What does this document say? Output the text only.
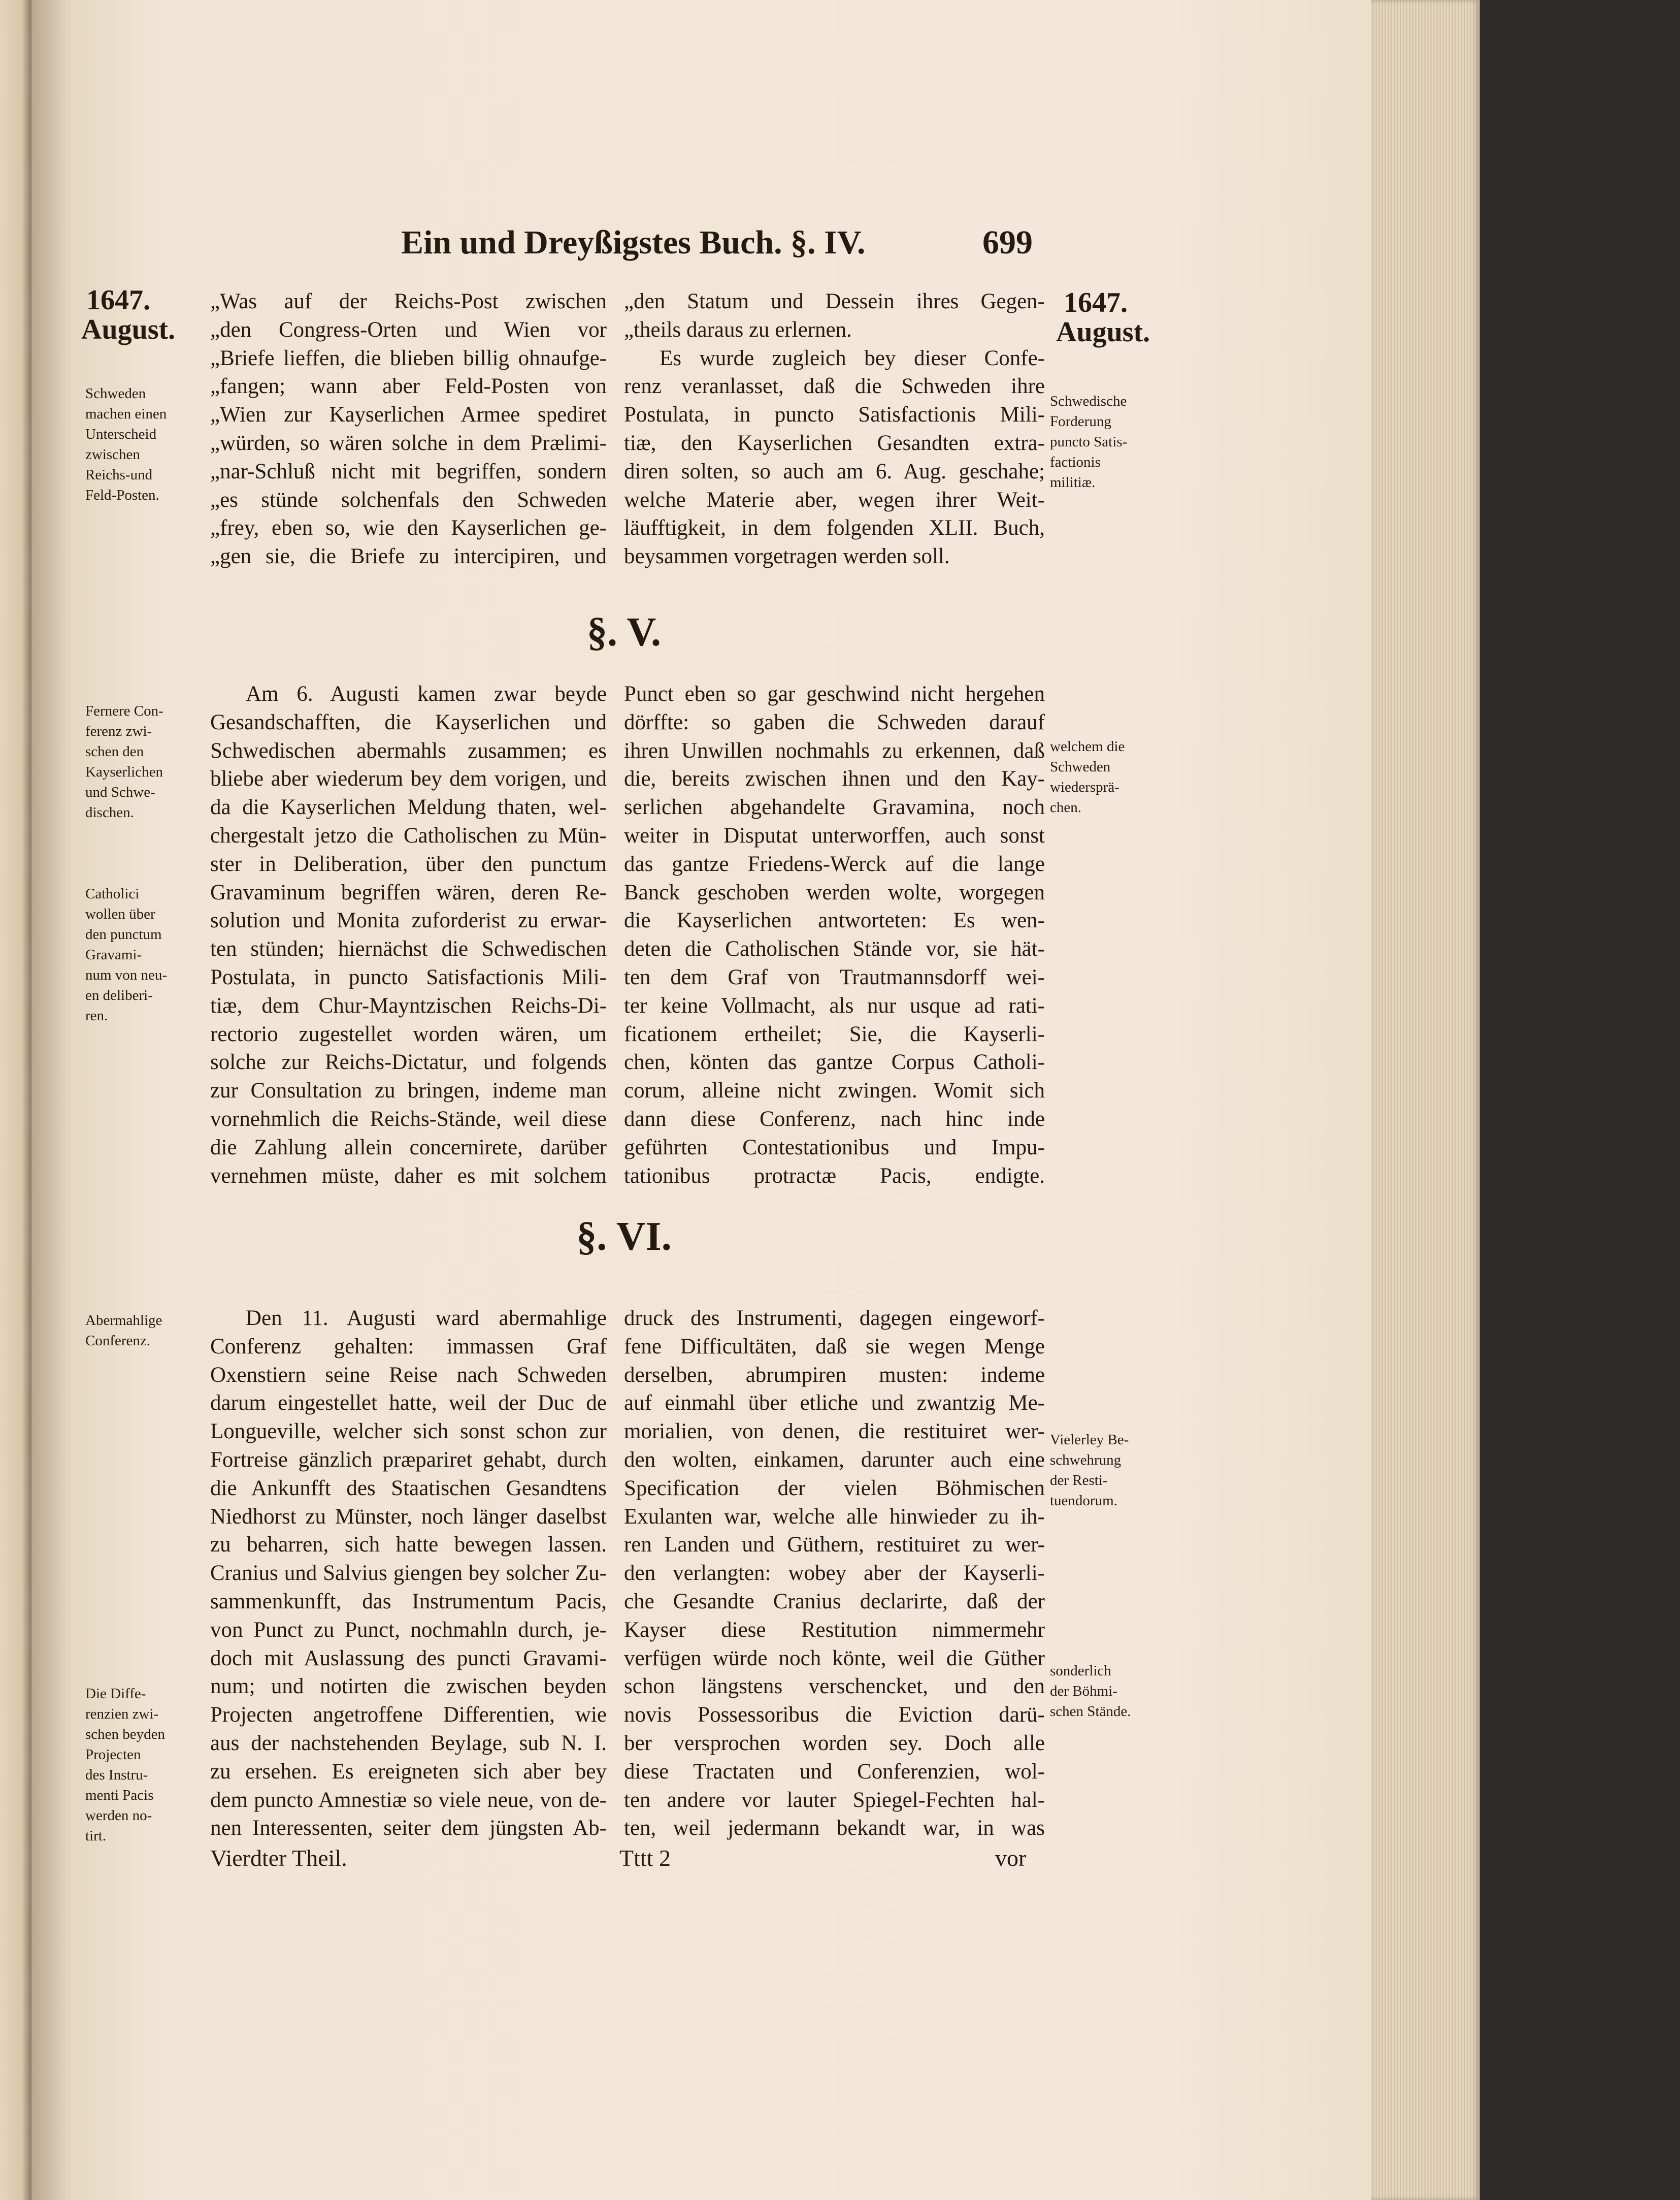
Ein und Dreyßigstes Buch. §. IV.	699
1647.
August.
1647.
August.
„Was auf der Reichs-Post zwischen
„den Congress-Orten und Wien vor
„Briefe lieffen, die blieben billig ohnaufge-
„fangen; wann aber Feld-Posten von
„Wien zur Kayserlichen Armee spediret
„würden, so wären solche in dem Prælimi-
„nar-Schluß nicht mit begriffen, sondern
„es stünde solchenfals den Schweden
„frey, eben so, wie den Kayserlichen ge-
„gen sie, die Briefe zu intercipiren, und
„den Statum und Dessein ihres Gegen-
„theils daraus zu erlernen.
Es wurde zugleich bey dieser Confe-
renz veranlasset, daß die Schweden ihre
Postulata, in puncto Satisfactionis Mili-
tiæ, den Kayserlichen Gesandten extra-
diren solten, so auch am 6. Aug. geschahe;
welche Materie aber, wegen ihrer Weit-
läufftigkeit, in dem folgenden XLII. Buch,
beysammen vorgetragen werden soll.
§. V.
Am 6. Augusti kamen zwar beyde
Gesandschafften, die Kayserlichen und
Schwedischen abermahls zusammen; es
bliebe aber wiederum bey dem vorigen, und
da die Kayserlichen Meldung thaten, wel-
chergestalt jetzo die Catholischen zu Mün-
ster in Deliberation, über den punctum
Gravaminum begriffen wären, deren Re-
solution und Monita zuforderist zu erwar-
ten stünden; hiernächst die Schwedischen
Postulata, in puncto Satisfactionis Mili-
tiæ, dem Chur-Mayntzischen Reichs-Di-
rectorio zugestellet worden wären, um
solche zur Reichs-Dictatur, und folgends
zur Consultation zu bringen, indeme man
vornehmlich die Reichs-Stände, weil diese
die Zahlung allein concernirete, darüber
vernehmen müste, daher es mit solchem
Punct eben so gar geschwind nicht hergehen
dörffte: so gaben die Schweden darauf
ihren Unwillen nochmahls zu erkennen, daß
die, bereits zwischen ihnen und den Kay-
serlichen abgehandelte Gravamina, noch
weiter in Disputat unterworffen, auch sonst
das gantze Friedens-Werck auf die lange
Banck geschoben werden wolte, worgegen
die Kayserlichen antworteten: Es wen-
deten die Catholischen Stände vor, sie hät-
ten dem Graf von Trautmannsdorff wei-
ter keine Vollmacht, als nur usque ad rati-
ficationem ertheilet; Sie, die Kayserli-
chen, könten das gantze Corpus Catholi-
corum, alleine nicht zwingen. Womit sich
dann diese Conferenz, nach hinc inde
geführten Contestationibus und Impu-
tationibus protractæ Pacis, endigte.
§. VI.
Den 11. Augusti ward abermahlige
Conferenz gehalten: immassen Graf
Oxenstiern seine Reise nach Schweden
darum eingestellet hatte, weil der Duc de
Longueville, welcher sich sonst schon zur
Fortreise gänzlich præpariret gehabt, durch
die Ankunfft des Staatischen Gesandtens
Niedhorst zu Münster, noch länger daselbst
zu beharren, sich hatte bewegen lassen.
Cranius und Salvius giengen bey solcher Zu-
sammenkunfft, das Instrumentum Pacis,
von Punct zu Punct, nochmahln durch, je-
doch mit Auslassung des puncti Gravami-
num; und notirten die zwischen beyden
Projecten angetroffene Differentien, wie
aus der nachstehenden Beylage, sub N. I.
zu ersehen. Es ereigneten sich aber bey
dem puncto Amnestiæ so viele neue, von de-
nen Interessenten, seiter dem jüngsten Ab-
druck des Instrumenti, dagegen eingeworf-
fene Difficultäten, daß sie wegen Menge
derselben, abrumpiren musten: indeme
auf einmahl über etliche und zwantzig Me-
morialien, von denen, die restituiret wer-
den wolten, einkamen, darunter auch eine
Specification der vielen Böhmischen
Exulanten war, welche alle hinwieder zu ih-
ren Landen und Güthern, restituiret zu wer-
den verlangten: wobey aber der Kayserli-
che Gesandte Cranius declarirte, daß der
Kayser diese Restitution nimmermehr
verfügen würde noch könte, weil die Güther
schon längstens verschencket, und den
novis Possessoribus die Eviction darü-
ber versprochen worden sey. Doch alle
diese Tractaten und Conferenzien, wol-
ten andere vor lauter Spiegel-Fechten hal-
ten, weil jedermann bekandt war, in was
Schweden
machen einen
Unterscheid
zwischen
Reichs-und
Feld-Posten.
Fernere Con-
ferenz zwi-
schen den
Kayserlichen
und Schwe-
dischen.
Catholici
wollen über
den punctum
Gravami-
num von neu-
en deliberi-
ren.
Abermahlige
Conferenz.
Die Diffe-
renzien zwi-
schen beyden
Projecten
des Instru-
menti Pacis
werden no-
tirt.
Schwedische
Forderung
puncto Satis-
factionis
militiæ.
welchem die
Schweden
wiedersprä-
chen.
Vielerley Be-
schwehrung
der Resti-
tuendorum.
sonderlich
der Böhmi-
schen Stände.
Vierdter Theil.	Tttt 2	vor
